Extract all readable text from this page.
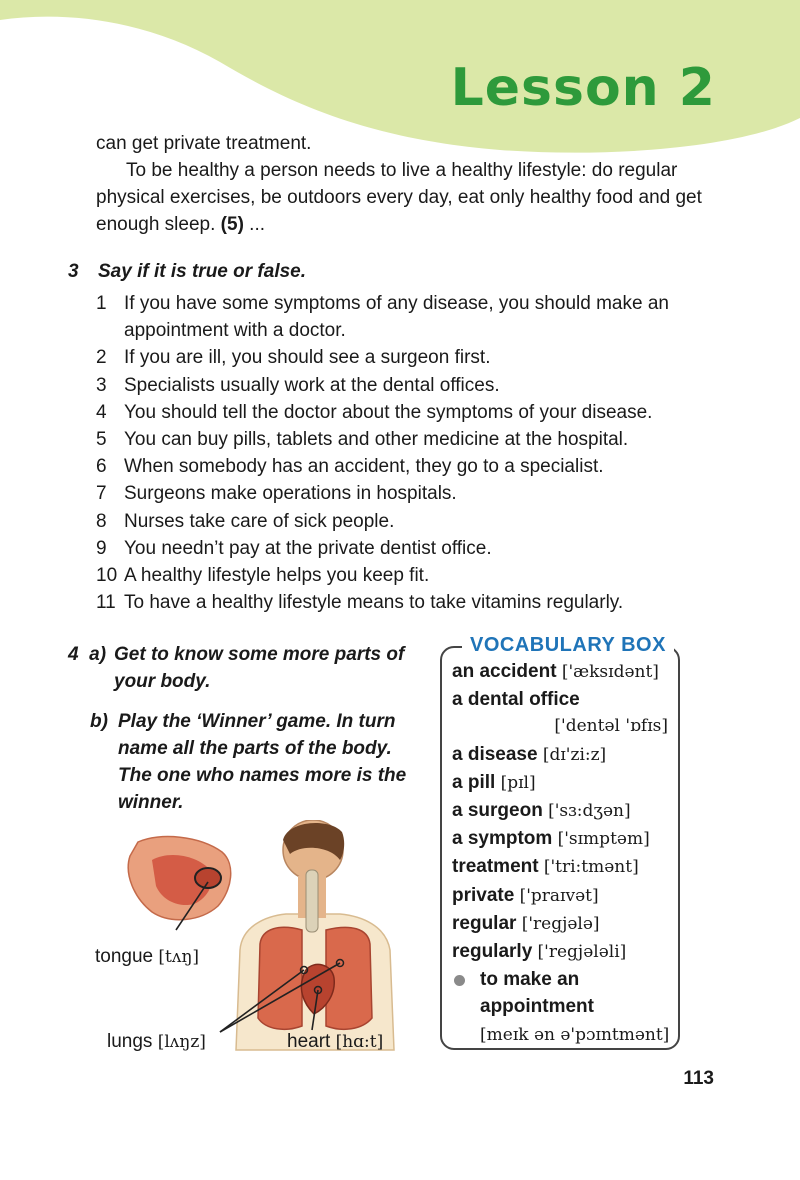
Lesson 2

can get private treatment.

To be healthy a person needs to live a healthy lifestyle: do regular physical exercises, be outdoors every day, eat only healthy food and get enough sleep. (5) ...

3 Say if it is true or false.

1 If you have some symptoms of any disease, you should make an appointment with a doctor.
2 If you are ill, you should see a surgeon first.
3 Specialists usually work at the dental offices.
4 You should tell the doctor about the symptoms of your disease.
5 You can buy pills, tablets and other medicine at the hospital.
6 When somebody has an accident, they go to a specialist.
7 Surgeons make operations in hospitals.
8 Nurses take care of sick people.
9 You needn’t pay at the private dentist office.
10 A healthy lifestyle helps you keep fit.
11 To have a healthy lifestyle means to take vitamins regularly.
4 a) Get to know some more parts of your body.
b) Play the ‘Winner’ game. In turn name all the parts of the body. The one who names more is the winner.
tongue [tʌŋ]
lungs [lʌŋz]	heart [hɑ:t]
VOCABULARY BOX
an accident ['æksɪdənt]
a dental office
['dentəl 'ɒfɪs]
a disease [dɪ'zi:z]
a pill [pɪl]
a surgeon ['sɜ:dʒən]
a symptom ['sɪmptəm]
treatment ['tri:tmənt]
private ['praɪvət]
regular ['regjələ]
regularly ['regjələli]
to make an appointment
[meɪk ən ə'pɔɪntmənt]

113
